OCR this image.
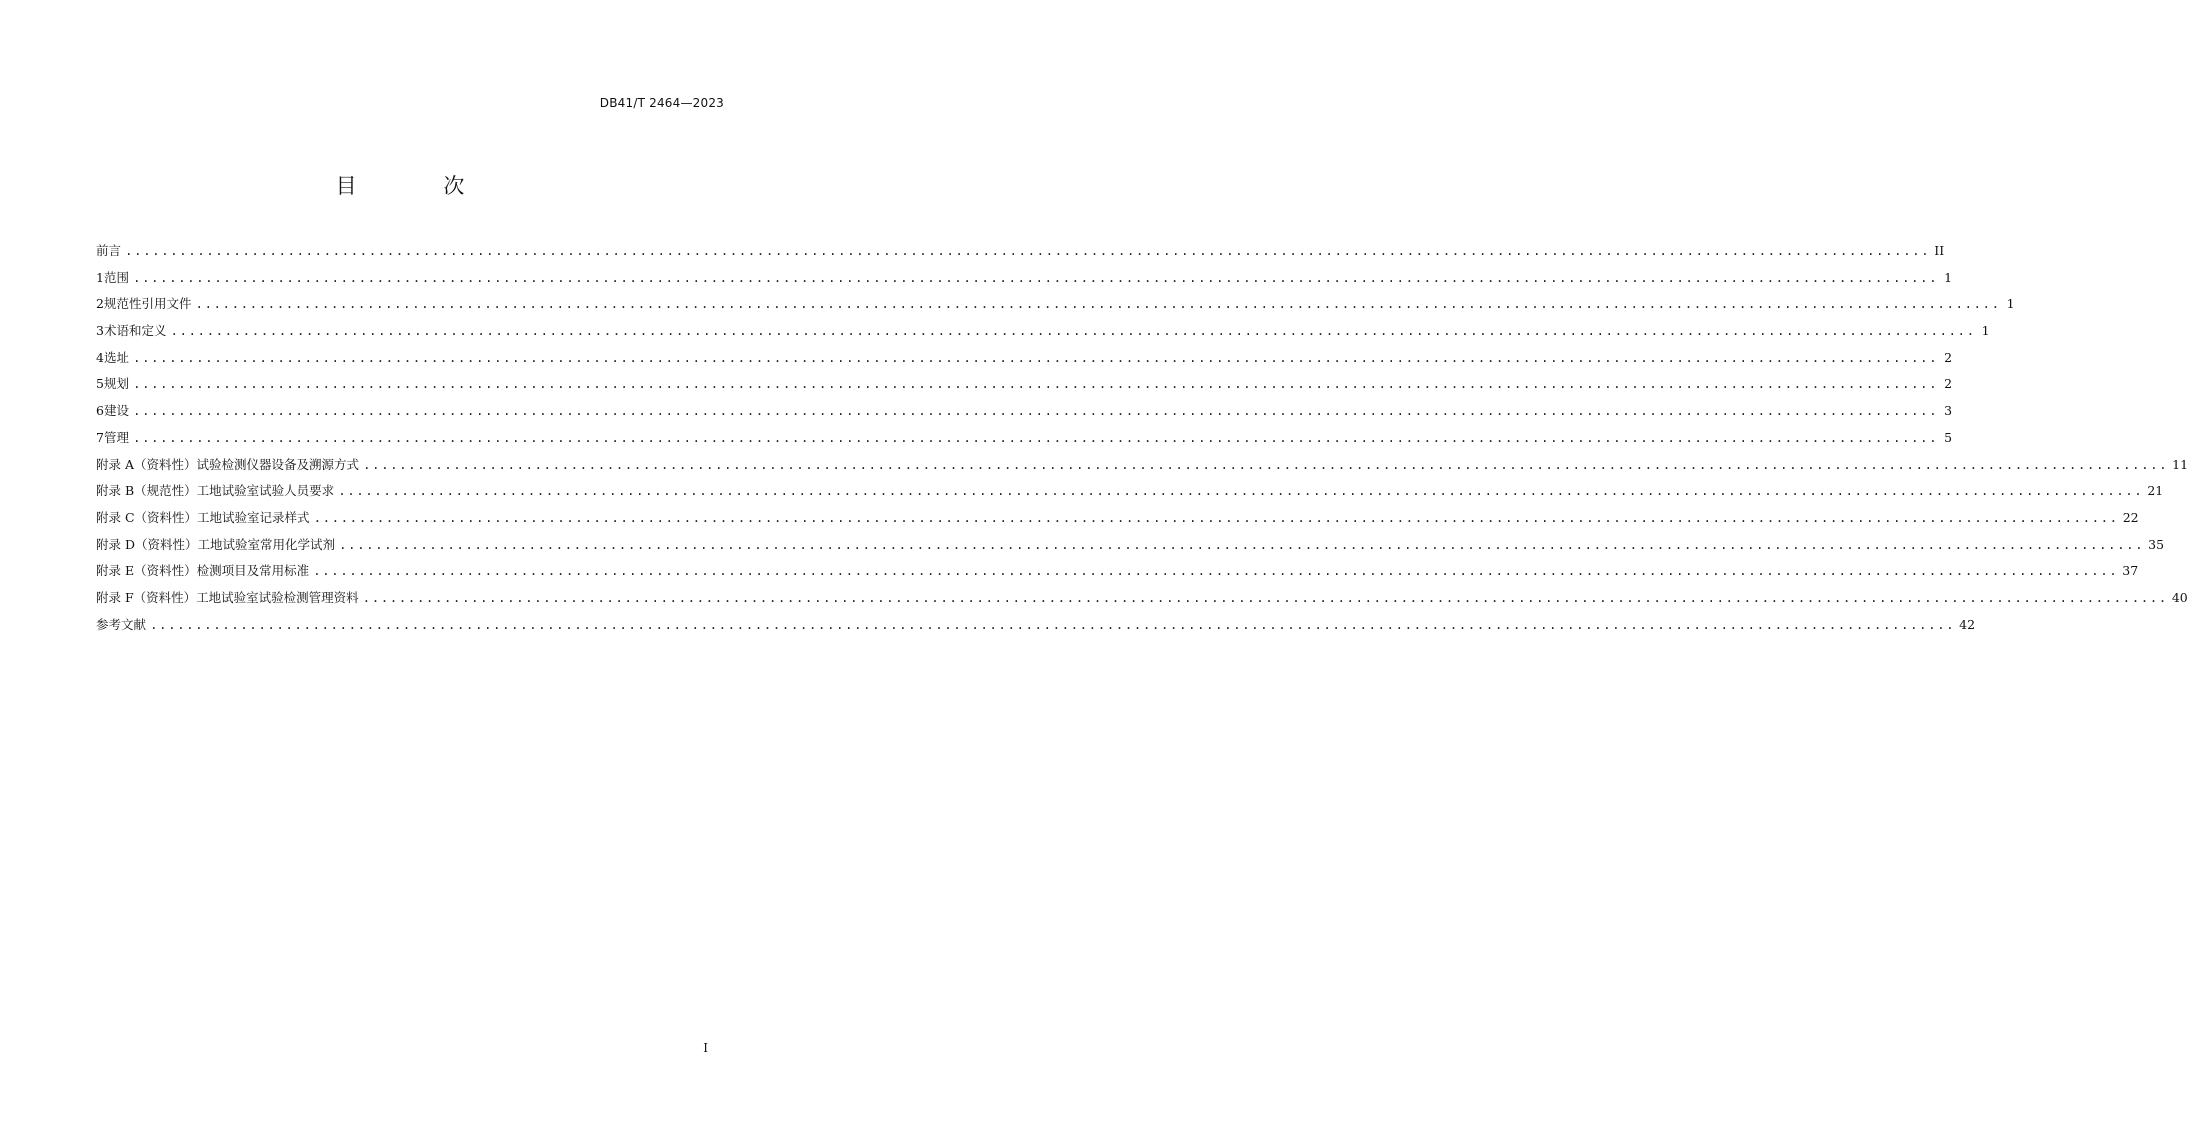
DB41/T 2464—2023
目 次
前言 ........................................................................................................................................................................................................ II
1 范围 ........................................................................................................................................................................................................ 1
2 规范性引用文件 ........................................................................................................................................................................................................ 1
3 术语和定义 ........................................................................................................................................................................................................ 1
4 选址 ........................................................................................................................................................................................................ 2
5 规划 ........................................................................................................................................................................................................ 2
6 建设 ........................................................................................................................................................................................................ 3
7 管理 ........................................................................................................................................................................................................ 5
附录 A（资料性） 试验检测仪器设备及溯源方式 ........................................................................................................................................................................................................ 11
附录 B（规范性） 工地试验室试验人员要求 ........................................................................................................................................................................................................ 21
附录 C（资料性） 工地试验室记录样式 ........................................................................................................................................................................................................ 22
附录 D（资料性） 工地试验室常用化学试剂 ........................................................................................................................................................................................................ 35
附录 E（资料性） 检测项目及常用标准 ........................................................................................................................................................................................................ 37
附录 F（资料性） 工地试验室试验检测管理资料 ........................................................................................................................................................................................................ 40
参考文献 ........................................................................................................................................................................................................ 42
I
